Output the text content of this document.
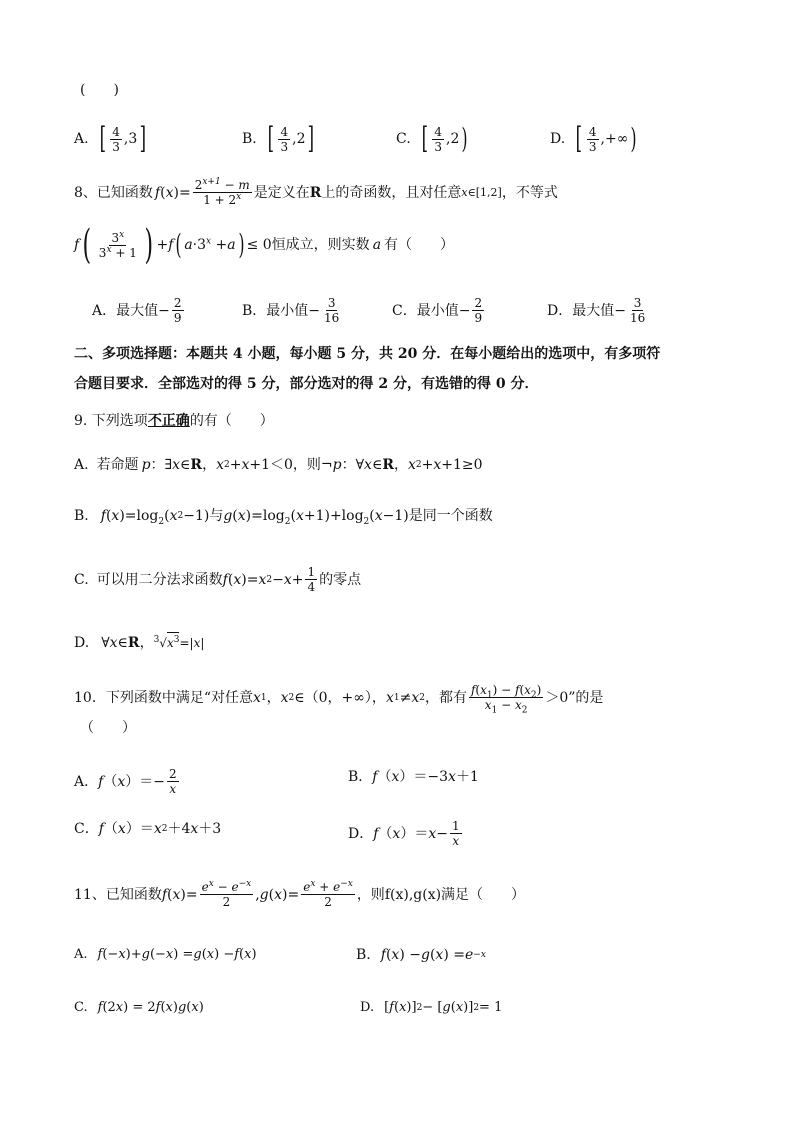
(　　)
A. [ $\frac{4}{3}$ , 3 ]	B. [ $\frac{4}{3}$ , 2 ]	C. [ $\frac{4}{3}$ , 2 )	D. [ $\frac{4}{3}$ , +∞ )
8、 已知函数 f ( x )= $\frac{2^{x+1} - m}{1 + 2^x}$ 是定义在 R 上的奇函数，且对任意 x∈[1,2] ，不等式
f ( $\frac{3^x}{3^x + 1}$ ) + f ( $a \cdot 3^x + a$ ) ≤ 0 恒成立，则实数 a 有（　　）
A．最大值 − $\frac{2}{9}$	B．最小值 − $\frac{3}{16}$	C．最小值 − $\frac{2}{9}$	D．最大值 − $\frac{3}{16}$
二、多项选择题：本题共 4 小题，每小题 5 分，共 20 分．在每小题给出的选项中，有多项符
合题目要求．全部选对的得 5 分，部分选对的得 2 分，有选错的得 0 分．
9. 下列选项 不正确 的有（　　）
A. 若命题 p ：∃ x ∈ R ， x 2 + x +1＜0 ，则 ¬ p ：∀ x ∈ R ， x 2 + x +1≥0
B. f ( x )$=\log_2$( x 2 −1) 与 g ( x )$=\log_2$( $x +1)+\log_2$( x −1) 是同一个函数
C. 可以用二分法求函数 f ( x )= x $2 - x + \frac{1}{4}$ 的零点
D. ∀ x ∈ R ， $^3$√ $x^3$ =| x |
10．下列函数中满足“对任意 x 1 ， x 2 ∈（0，+∞）， x 1 ≠ x 2 ，都有 $\frac{f(x_1) - f(x_2)}{x_1 - x_2} >0$”的是
（　　）
A． f （ x ）＝− $\frac{2}{x}$	B． f （ x ）＝−3 x ＋1
C． f （ x ）＝ x 2 ＋4 x ＋3	D． f （ x ）＝ $x - \frac{1}{x}$
11、已知函数 f ( x )= $\frac{e^x - e^{-x}}{2}$ , g ( x )= $\frac{e^x + e^{-x}}{2}$ ，则 f(x),g(x) 满足（　　）
A. f (− x )+ g (− x ) = g ( x ) − f ( x )	B. f ( x ) − g ( x ) = e −x
C. f (2 x ) = 2 f ( x ) g ( x )	D. [ f ( x )] 2 − [ g ( x )] 2 = 1
